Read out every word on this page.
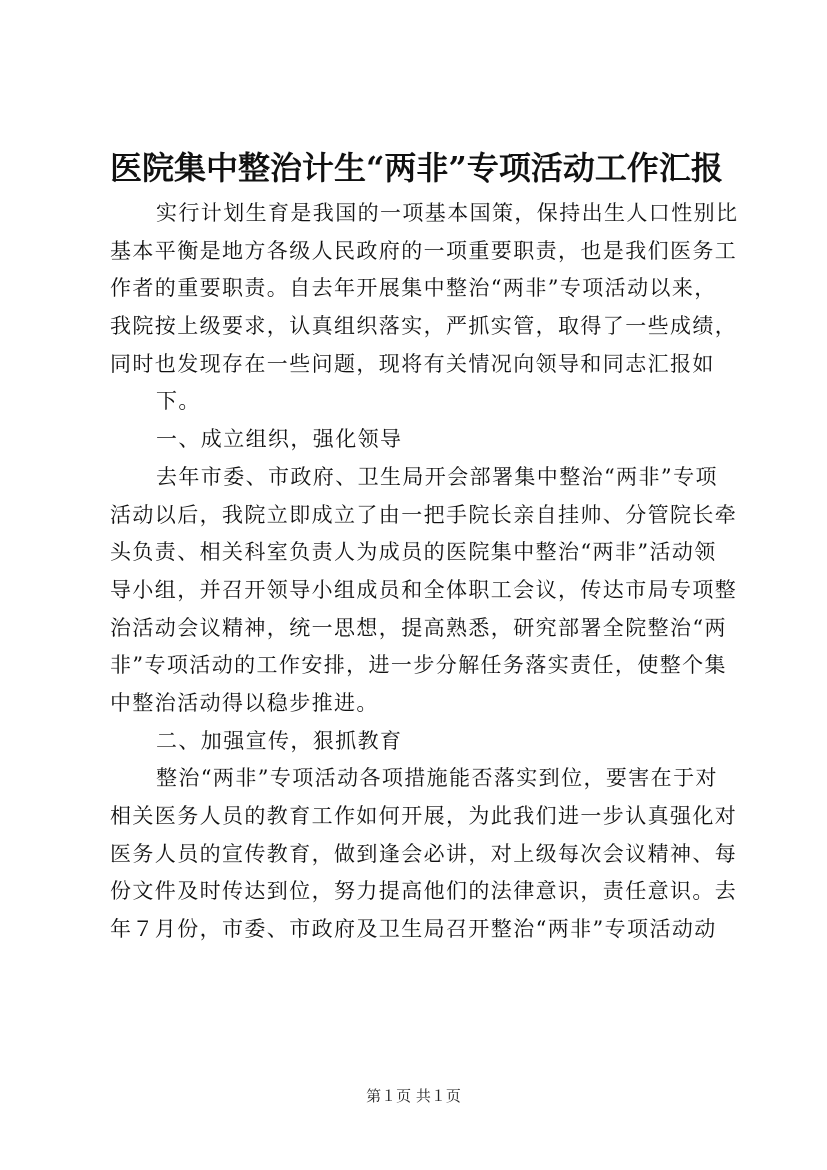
医院集中整治计生“两非”专项活动工作汇报
实行计划生育是我国的一项基本国策，保持出生人口性别比
基本平衡是地方各级人民政府的一项重要职责，也是我们医务工
作者的重要职责。自去年开展集中整治“两非”专项活动以来，
我院按上级要求，认真组织落实，严抓实管，取得了一些成绩，
同时也发现存在一些问题，现将有关情况向领导和同志汇报如
下。
一、成立组织，强化领导
去年市委、市政府、卫生局开会部署集中整治“两非”专项
活动以后，我院立即成立了由一把手院长亲自挂帅、分管院长牵
头负责、相关科室负责人为成员的医院集中整治“两非”活动领
导小组，并召开领导小组成员和全体职工会议，传达市局专项整
治活动会议精神，统一思想，提高熟悉，研究部署全院整治“两
非”专项活动的工作安排，进一步分解任务落实责任，使整个集
中整治活动得以稳步推进。
二、加强宣传，狠抓教育
整治“两非”专项活动各项措施能否落实到位，要害在于对
相关医务人员的教育工作如何开展，为此我们进一步认真强化对
医务人员的宣传教育，做到逢会必讲，对上级每次会议精神、每
份文件及时传达到位，努力提高他们的法律意识，责任意识。去
年７月份，市委、市政府及卫生局召开整治“两非”专项活动动
第１页 共１页
